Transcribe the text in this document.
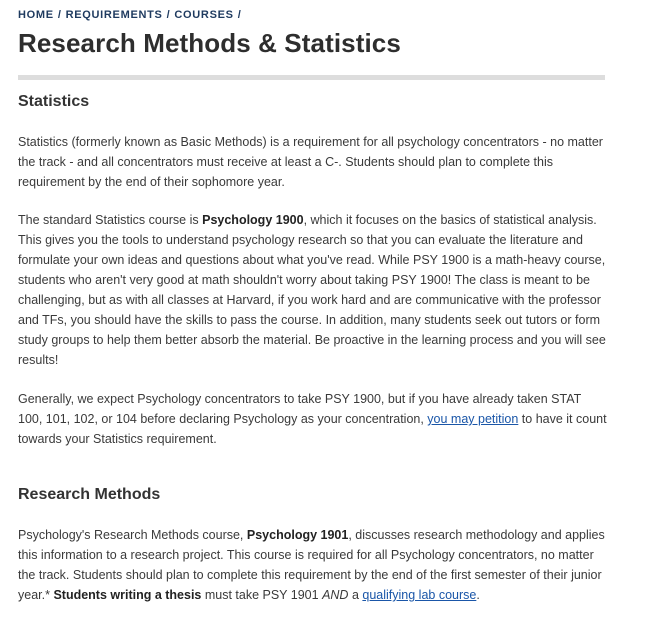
HOME / REQUIREMENTS / COURSES /
Research Methods & Statistics
Statistics

Statistics (formerly known as Basic Methods) is a requirement for all psychology concentrators - no matter the track - and all concentrators must receive at least a C-. Students should plan to complete this requirement by the end of their sophomore year.

The standard Statistics course is Psychology 1900, which it focuses on the basics of statistical analysis. This gives you the tools to understand psychology research so that you can evaluate the literature and formulate your own ideas and questions about what you've read. While PSY 1900 is a math-heavy course, students who aren't very good at math shouldn't worry about taking PSY 1900! The class is meant to be challenging, but as with all classes at Harvard, if you work hard and are communicative with the professor and TFs, you should have the skills to pass the course. In addition, many students seek out tutors or form study groups to help them better absorb the material. Be proactive in the learning process and you will see results!

Generally, we expect Psychology concentrators to take PSY 1900, but if you have already taken STAT 100, 101, 102, or 104 before declaring Psychology as your concentration, you may petition to have it count towards your Statistics requirement.

Research Methods

Psychology's Research Methods course, Psychology 1901, discusses research methodology and applies this information to a research project. This course is required for all Psychology concentrators, no matter the track. Students should plan to complete this requirement by the end of the first semester of their junior year.* Students writing a thesis must take PSY 1901 AND a qualifying lab course.
